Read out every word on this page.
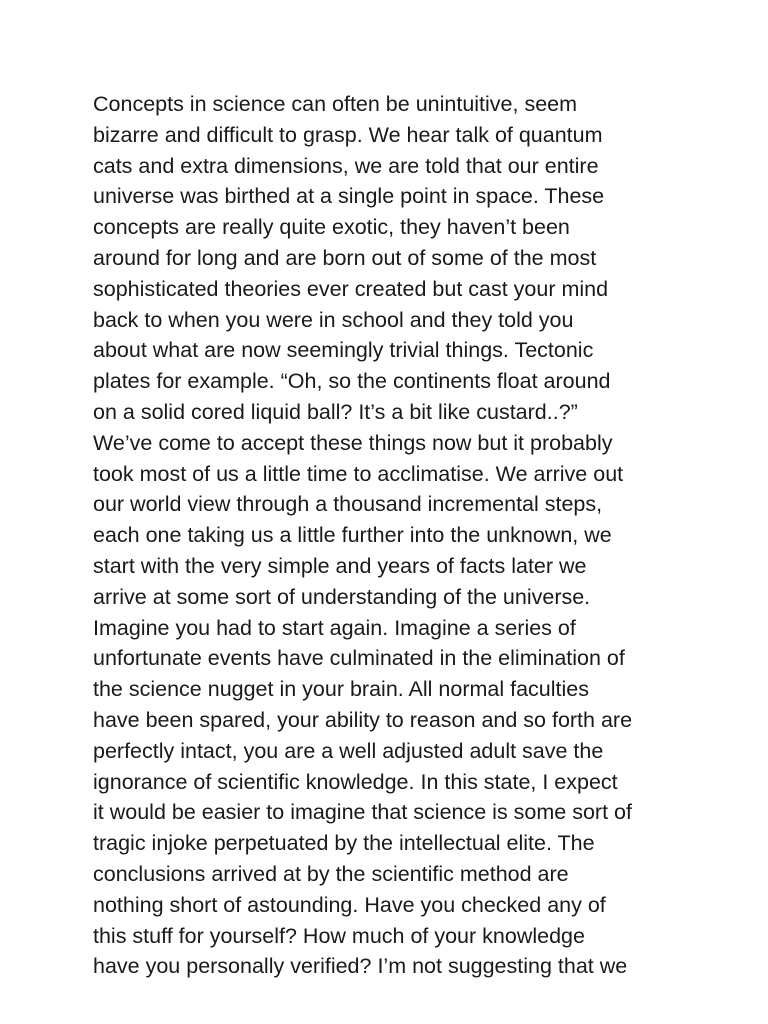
Concepts in science can often be unintuitive, seem
bizarre and difficult to grasp. We hear talk of quantum
cats and extra dimensions, we are told that our entire
universe was birthed at a single point in space. These
concepts are really quite exotic, they haven’t been
around for long and are born out of some of the most
sophisticated theories ever created but cast your mind
back to when you were in school and they told you
about what are now seemingly trivial things. Tectonic
plates for example. “Oh, so the continents float around
on a solid cored liquid ball? It’s a bit like custard..?”
We’ve come to accept these things now but it probably
took most of us a little time to acclimatise. We arrive out
our world view through a thousand incremental steps,
each one taking us a little further into the unknown, we
start with the very simple and years of facts later we
arrive at some sort of understanding of the universe.
Imagine you had to start again. Imagine a series of
unfortunate events have culminated in the elimination of
the science nugget in your brain. All normal faculties
have been spared, your ability to reason and so forth are
perfectly intact, you are a well adjusted adult save the
ignorance of scientific knowledge. In this state, I expect
it would be easier to imagine that science is some sort of
tragic injoke perpetuated by the intellectual elite. The
conclusions arrived at by the scientific method are
nothing short of astounding. Have you checked any of
this stuff for yourself? How much of your knowledge
have you personally verified? I’m not suggesting that we
